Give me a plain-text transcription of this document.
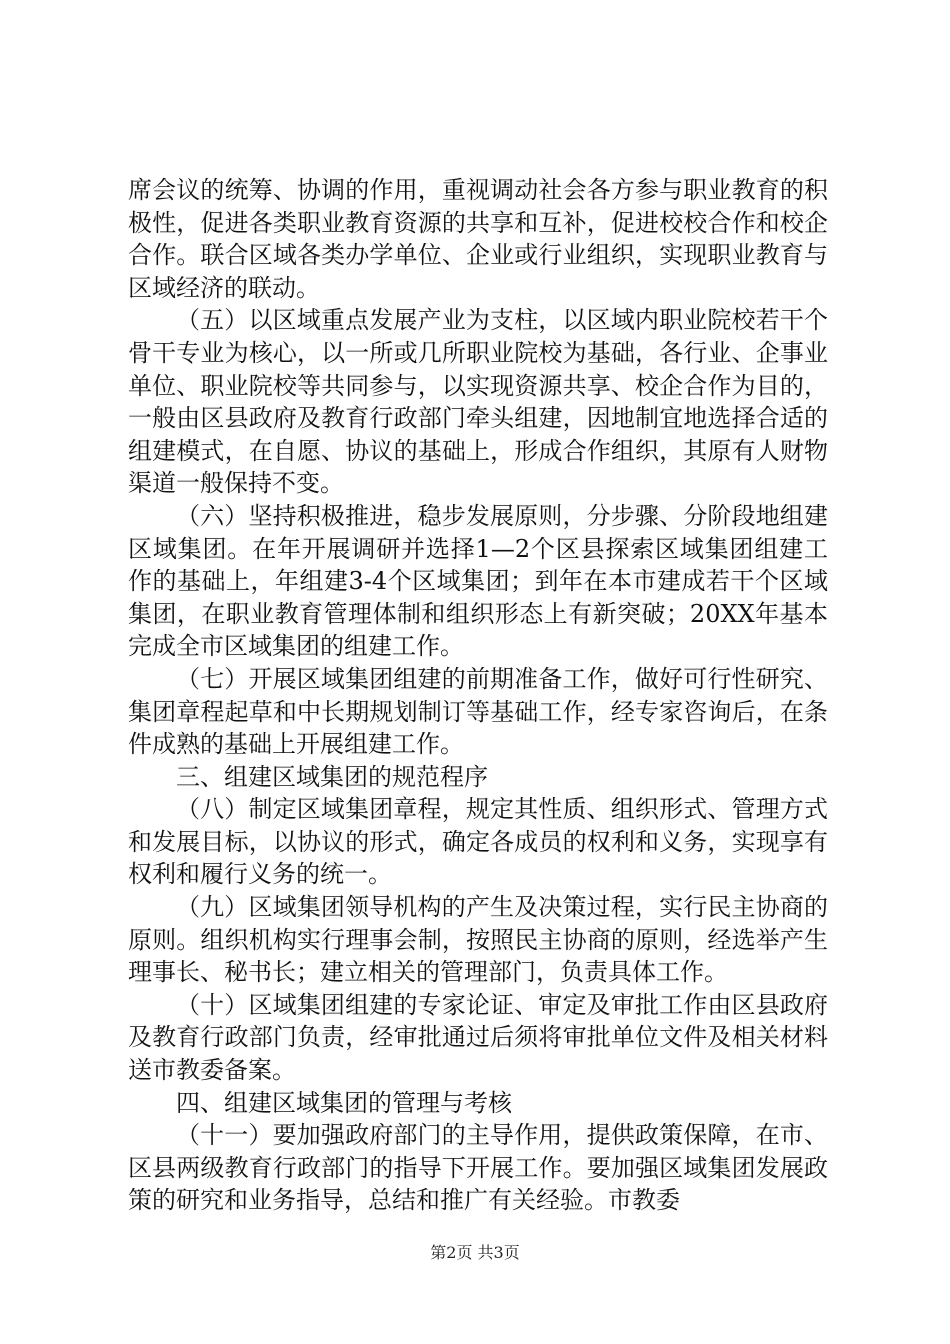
席会议的统筹、协调的作用，重视调动社会各方参与职业教育的积极性，促进各类职业教育资源的共享和互补，促进校校合作和校企合作。联合区域各类办学单位、企业或行业组织，实现职业教育与区域经济的联动。

（五）以区域重点发展产业为支柱，以区域内职业院校若干个骨干专业为核心，以一所或几所职业院校为基础，各行业、企事业单位、职业院校等共同参与，以实现资源共享、校企合作为目的，一般由区县政府及教育行政部门牵头组建，因地制宜地选择合适的组建模式，在自愿、协议的基础上，形成合作组织，其原有人财物渠道一般保持不变。

（六）坚持积极推进，稳步发展原则，分步骤、分阶段地组建区域集团。在年开展调研并选择1—2个区县探索区域集团组建工作的基础上，年组建3-4个区域集团；到年在本市建成若干个区域集团，在职业教育管理体制和组织形态上有新突破；20XX年基本完成全市区域集团的组建工作。

（七）开展区域集团组建的前期准备工作，做好可行性研究、集团章程起草和中长期规划制订等基础工作，经专家咨询后，在条件成熟的基础上开展组建工作。

三、组建区域集团的规范程序

（八）制定区域集团章程，规定其性质、组织形式、管理方式和发展目标，以协议的形式，确定各成员的权利和义务，实现享有权利和履行义务的统一。

（九）区域集团领导机构的产生及决策过程，实行民主协商的原则。组织机构实行理事会制，按照民主协商的原则，经选举产生理事长、秘书长；建立相关的管理部门，负责具体工作。

（十）区域集团组建的专家论证、审定及审批工作由区县政府及教育行政部门负责，经审批通过后须将审批单位文件及相关材料送市教委备案。

四、组建区域集团的管理与考核

（十一）要加强政府部门的主导作用，提供政策保障，在市、区县两级教育行政部门的指导下开展工作。要加强区域集团发展政策的研究和业务指导，总结和推广有关经验。市教委

第2页 共3页
